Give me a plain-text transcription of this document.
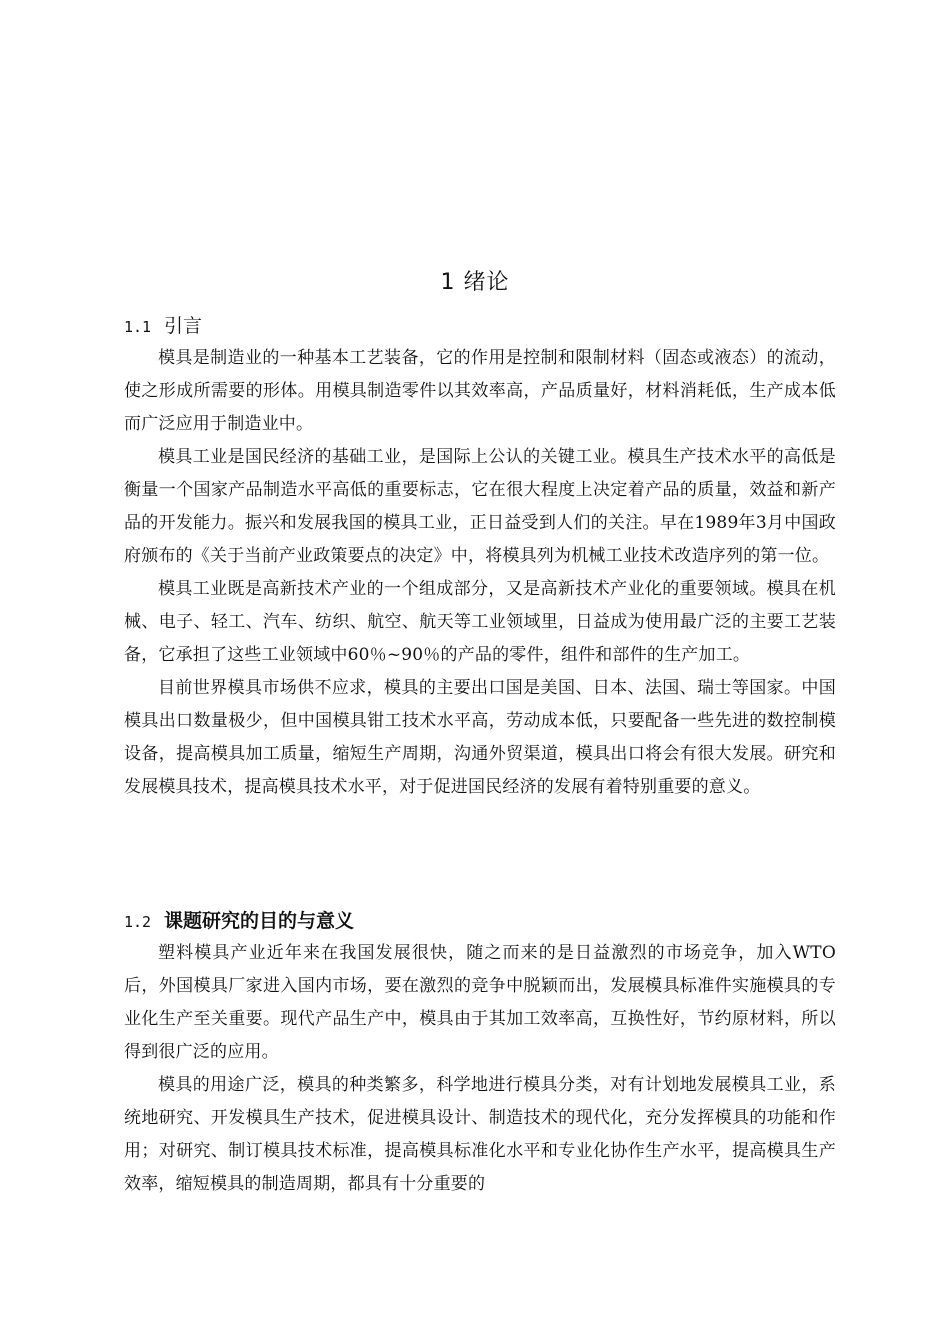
1 绪论
1.1 引言

模具是制造业的一种基本工艺装备，它的作用是控制和限制材料（固态或液态）的流动，使之形成所需要的形体。用模具制造零件以其效率高，产品质量好，材料消耗低，生产成本低而广泛应用于制造业中。

模具工业是国民经济的基础工业，是国际上公认的关键工业。模具生产技术水平的高低是衡量一个国家产品制造水平高低的重要标志，它在很大程度上决定着产品的质量，效益和新产品的开发能力。振兴和发展我国的模具工业，正日益受到人们的关注。早在1989年3月中国政府颁布的《关于当前产业政策要点的决定》中，将模具列为机械工业技术改造序列的第一位。

模具工业既是高新技术产业的一个组成部分，又是高新技术产业化的重要领域。模具在机械、电子、轻工、汽车、纺织、航空、航天等工业领域里，日益成为使用最广泛的主要工艺装备，它承担了这些工业领域中60％~90％的产品的零件，组件和部件的生产加工。

目前世界模具市场供不应求，模具的主要出口国是美国、日本、法国、瑞士等国家。中国模具出口数量极少，但中国模具钳工技术水平高，劳动成本低，只要配备一些先进的数控制模设备，提高模具加工质量，缩短生产周期，沟通外贸渠道，模具出口将会有很大发展。研究和发展模具技术，提高模具技术水平，对于促进国民经济的发展有着特别重要的意义。

1.2 课题研究的目的与意义

塑料模具产业近年来在我国发展很快，随之而来的是日益激烈的市场竞争，加入WTO后，外国模具厂家进入国内市场，要在激烈的竞争中脱颖而出，发展模具标准件实施模具的专业化生产至关重要。现代产品生产中，模具由于其加工效率高，互换性好，节约原材料，所以得到很广泛的应用。

模具的用途广泛，模具的种类繁多，科学地进行模具分类，对有计划地发展模具工业，系统地研究、开发模具生产技术，促进模具设计、制造技术的现代化，充分发挥模具的功能和作用；对研究、制订模具技术标准，提高模具标准化水平和专业化协作生产水平，提高模具生产效率，缩短模具的制造周期，都具有十分重要的
